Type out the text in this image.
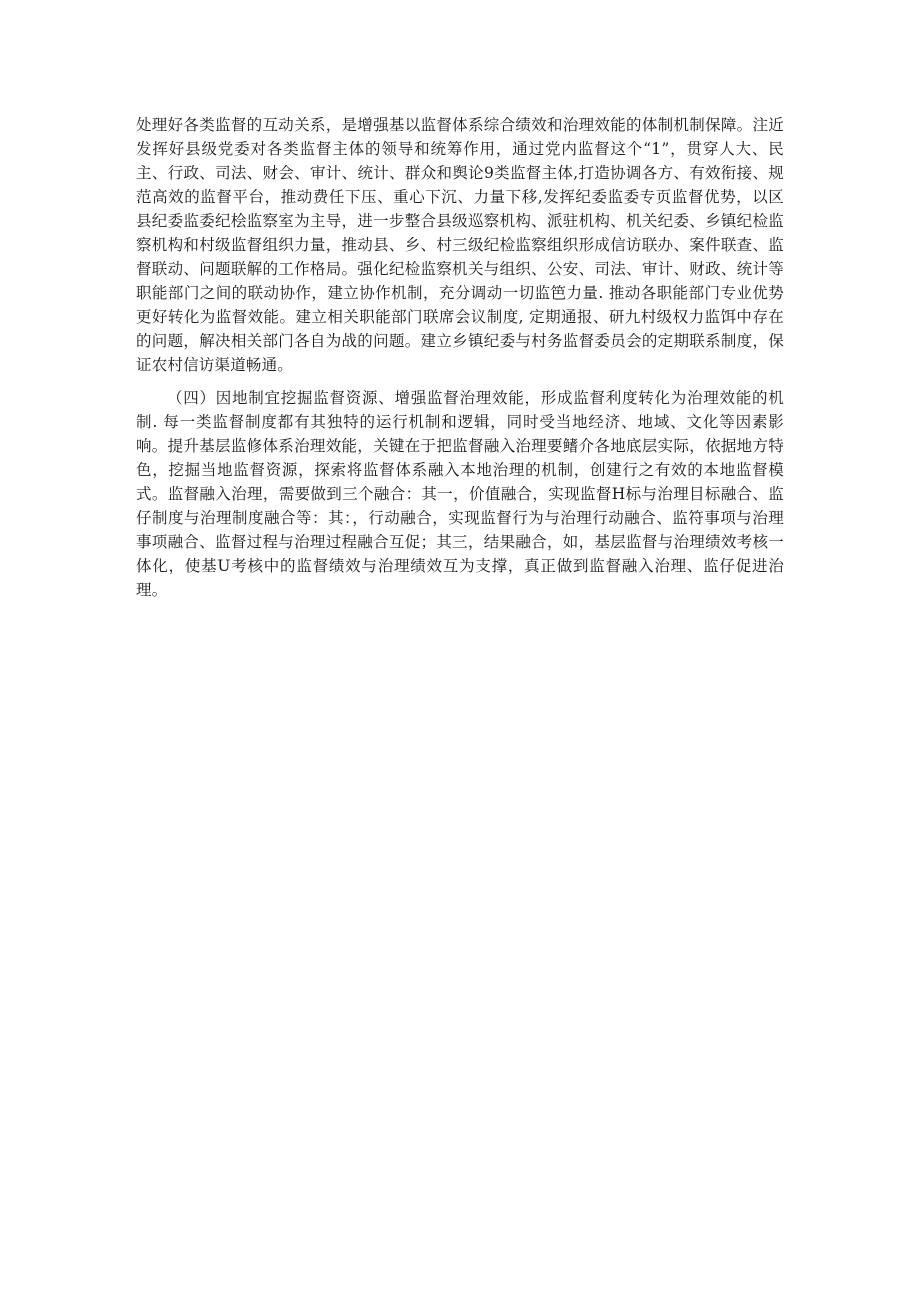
处理好各类监督的互动关系，是增强基以监督体系综合绩效和治理效能的体制机制保障。注近发挥好县级党委对各类监督主体的领导和统筹作用，通过党内监督这个“1”，贯穿人大、民主、行政、司法、财会、审计、统计、群众和舆论9类监督主体,打造协调各方、有效衔接、规范高效的监督平台，推动费任下压、重心下沉、力量下移,发挥纪委监委专页监督优势，以区县纪委监委纪桧监察室为主导，进一步整合县级巡察机构、派驻机构、机关纪委、乡镇纪检监察机构和村级监督组织力量，推动县、乡、村三级纪检监察组织形成信访联办、案件联查、监督联动、问题联解的工作格局。强化纪检监察机关与组织、公安、司法、审计、财政、统计等职能部门之间的联动协作，建立协作机制，充分调动一切监笆力量. 推动各职能部门专业优势更好转化为监督效能。建立相关职能部门联席会议制度, 定期通报、研九村级权力监饵中存在的问题，解决相关部门各自为战的问题。建立乡镇纪委与村务监督委员会的定期联系制度，保证农村信访渠道畅通。

（四）因地制宜挖掘监督资源、增强监督治理效能，形成监督利度转化为治理效能的机制. 每一类监督制度都有其独特的运行机制和逻辑，同时受当地经济、地域、文化等因素影响。提升基层监修体系治理效能，关键在于把监督融入治理要鳍介各地底层实际，依据地方特色，挖掘当地监督资源，探索将监督体系融入本地治理的机制，创建行之有效的本地监督模式。监督融入治理，需要做到三个融合：其一，价值融合，实现监督H标与治理目标融合、监仔制度与治理制度融合等：其：，行动融合，实现监督行为与治理行动融合、监符事项与治理事项融合、监督过程与治理过程融合互促；其三，结果融合，如，基层监督与治理绩效考核一体化，使基U考核中的监督绩效与治理绩效互为支撑，真正做到监督融入治理、监仔促进治理。
